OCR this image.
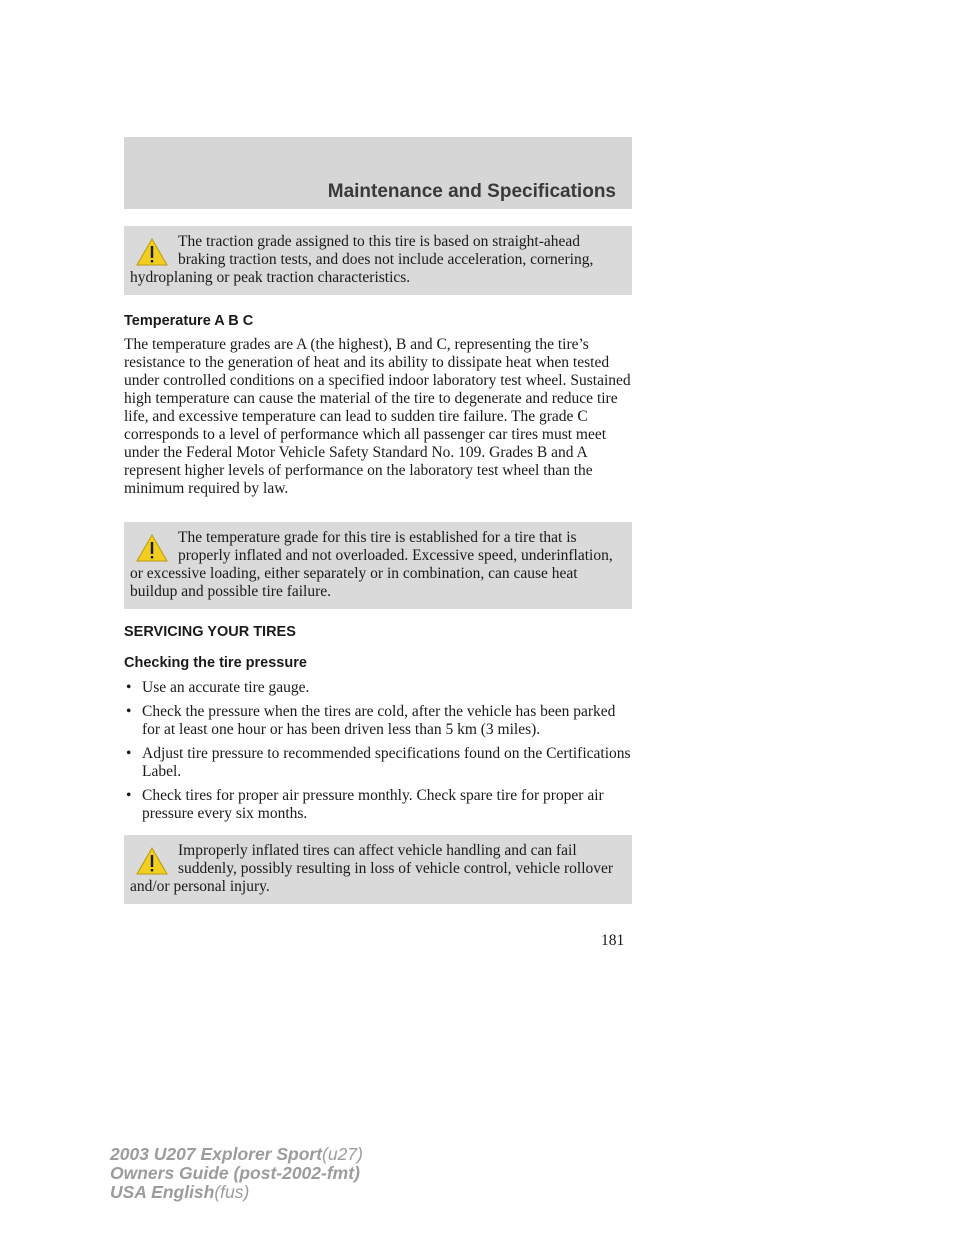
Maintenance and Specifications
The traction grade assigned to this tire is based on straight-ahead braking traction tests, and does not include acceleration, cornering, hydroplaning or peak traction characteristics.
Temperature A B C

The temperature grades are A (the highest), B and C, representing the tire’s resistance to the generation of heat and its ability to dissipate heat when tested under controlled conditions on a specified indoor laboratory test wheel. Sustained high temperature can cause the material of the tire to degenerate and reduce tire life, and excessive temperature can lead to sudden tire failure. The grade C corresponds to a level of performance which all passenger car tires must meet under the Federal Motor Vehicle Safety Standard No. 109. Grades B and A represent higher levels of performance on the laboratory test wheel than the minimum required by law.

The temperature grade for this tire is established for a tire that is properly inflated and not overloaded. Excessive speed, underinflation, or excessive loading, either separately or in combination, can cause heat buildup and possible tire failure.
SERVICING YOUR TIRES
Checking the tire pressure
• Use an accurate tire gauge.
• Check the pressure when the tires are cold, after the vehicle has been parked for at least one hour or has been driven less than 5 km (3 miles).
• Adjust tire pressure to recommended specifications found on the Certifications Label.
• Check tires for proper air pressure monthly. Check spare tire for proper air pressure every six months.
Improperly inflated tires can affect vehicle handling and can fail suddenly, possibly resulting in loss of vehicle control, vehicle rollover and/or personal injury.
181
2003 U207 Explorer Sport(u27)
Owners Guide (post-2002-fmt)
USA English(fus)
